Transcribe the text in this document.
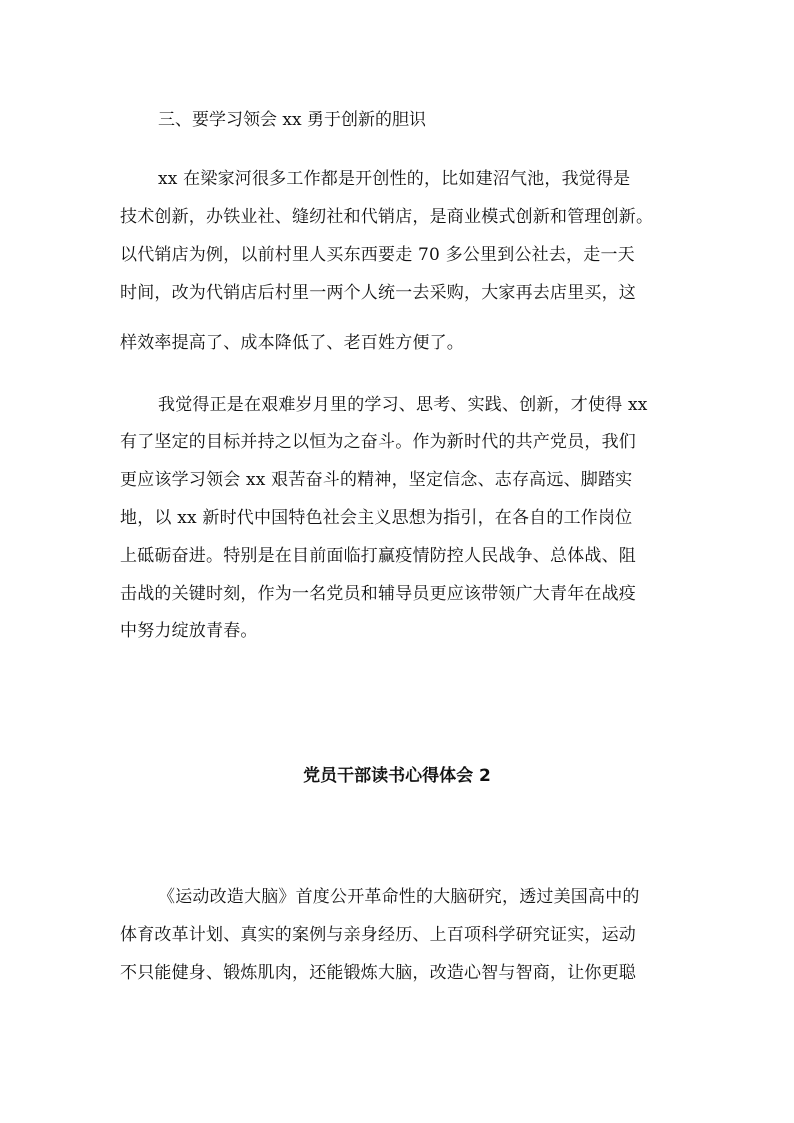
三、要学习领会 xx 勇于创新的胆识
xx 在梁家河很多工作都是开创性的，比如建沼气池，我觉得是
技术创新，办铁业社、缝纫社和代销店，是商业模式创新和管理创新。
以代销店为例，以前村里人买东西要走 70 多公里到公社去，走一天
时间，改为代销店后村里一两个人统一去采购，大家再去店里买，这
样效率提高了、成本降低了、老百姓方便了。
我觉得正是在艰难岁月里的学习、思考、实践、创新，才使得 xx
有了坚定的目标并持之以恒为之奋斗。作为新时代的共产党员，我们
更应该学习领会 xx 艰苦奋斗的精神，坚定信念、志存高远、脚踏实
地，以 xx 新时代中国特色社会主义思想为指引，在各自的工作岗位
上砥砺奋进。特别是在目前面临打赢疫情防控人民战争、总体战、阻
击战的关键时刻，作为一名党员和辅导员更应该带领广大青年在战疫
中努力绽放青春。
党员干部读书心得体会 2
《运动改造大脑》首度公开革命性的大脑研究，透过美国高中的
体育改革计划、真实的案例与亲身经历、上百项科学研究证实，运动
不只能健身、锻炼肌肉，还能锻炼大脑，改造心智与智商，让你更聪
